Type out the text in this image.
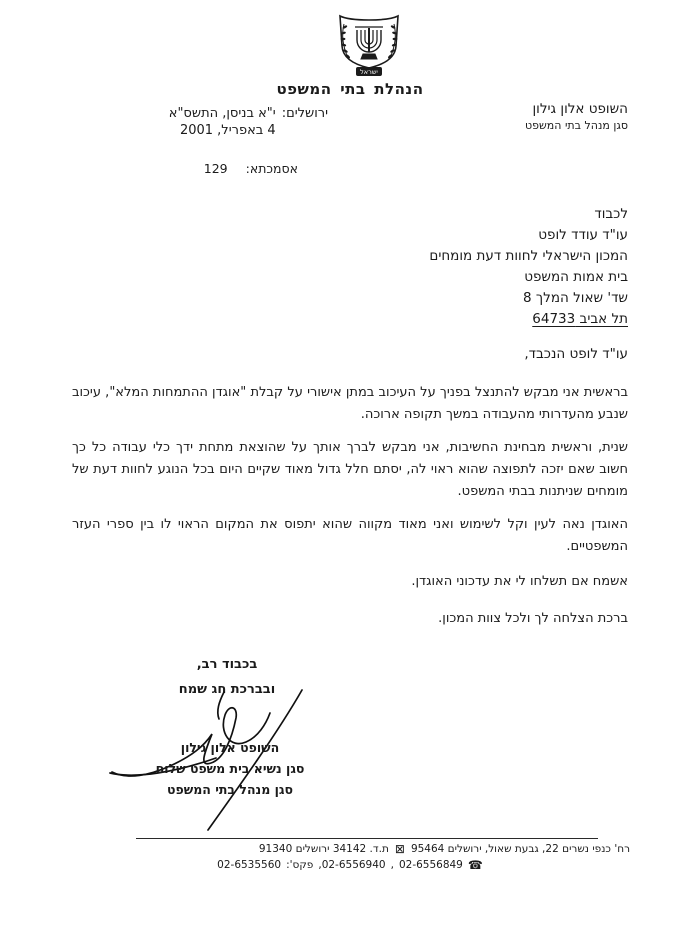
ישראל
הנהלת בתי המשפט
השופט אלון גילון
סגן מנהל בתי המשפט
ירושלים:
י"א בניסן, התשס"א
4 באפריל, 2001
אסמכתא:
129
לכבוד
עו"ד עודד לופט
המכון הישראלי לחוות דעת מומחים
בית אמות המשפט
שד' שאול המלך 8
תל אביב 64733
עו"ד לופט הנכבד,
בראשית אני מבקש להתנצל בפניך על העיכוב במתן אישורי על קבלת "אוגדן ההתמחות המלא", עיכוב שנבע מהעדרותי מהעבודה במשך תקופה ארוכה.
שנית, וראשית מבחינת החשיבות, אני מבקש לברך אותך על שהוצאת מתחת ידך כלי עבודה כל כך חשוב שאם יזכה לתפוצה שהוא ראוי לה, יסתם חלל גדול מאוד שקיים היום בכל הנוגע לחוות דעת של מומחים שניתנות בבתי המשפט.
האוגדן נאה לעין וקל לשימוש ואני מאוד מקווה שהוא יתפוס את המקום הראוי לו בין ספרי העזר המשפטיים.
אשמח אם תשלחו לי את עדכוני האוגדן.
ברכת הצלחה לך ולכל צוות המכון.
בכבוד רב,
ובברכת חג שמח
השופט אלון גילון
סגן נשיא בית משפט שלום
סגן מנהל בתי המשפט
רח' כנפי נשרים 22, גבעת שאול, ירושלים 95464
⊠
ת.ד. 34142 ירושלים 91340
☎
02-6556849
,
02-6556940,
פקס':
02-6535560
